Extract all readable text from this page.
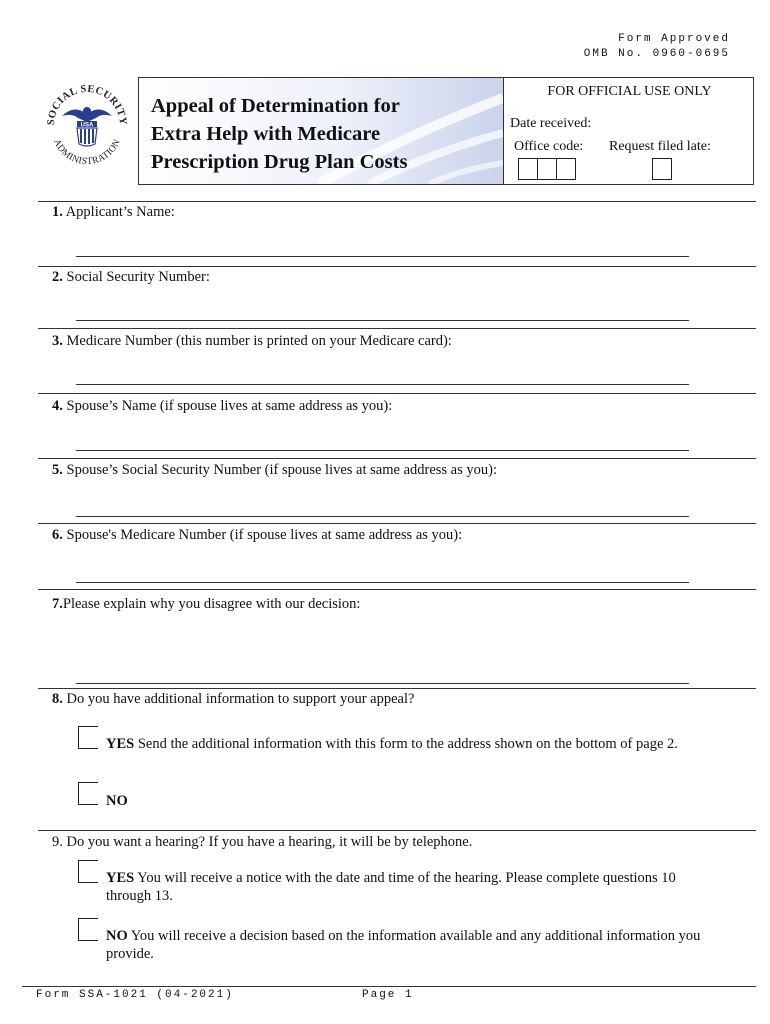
Form Approved
OMB No. 0960-0695
SOCIAL SECURITY
ADMINISTRATION
USA
Appeal of Determination for
Extra Help with Medicare
Prescription Drug Plan Costs
FOR OFFICIAL USE ONLY
Date received:
Office code: Request filed late:
1. Applicant’s Name:
2. Social Security Number:
3. Medicare Number (this number is printed on your Medicare card):
4. Spouse’s Name (if spouse lives at same address as you):
5. Spouse’s Social Security Number (if spouse lives at same address as you):
6. Spouse's Medicare Number (if spouse lives at same address as you):
7.Please explain why you disagree with our decision:
8. Do you have additional information to support your appeal?
YES Send the additional information with this form to the address shown on the bottom of page 2.
NO
9. Do you want a hearing? If you have a hearing, it will be by telephone.
YES You will receive a notice with the date and time of the hearing. Please complete questions 10 through 13.
NO You will receive a decision based on the information available and any additional information you provide.
Form SSA-1021 (04-2021)	Page 1
